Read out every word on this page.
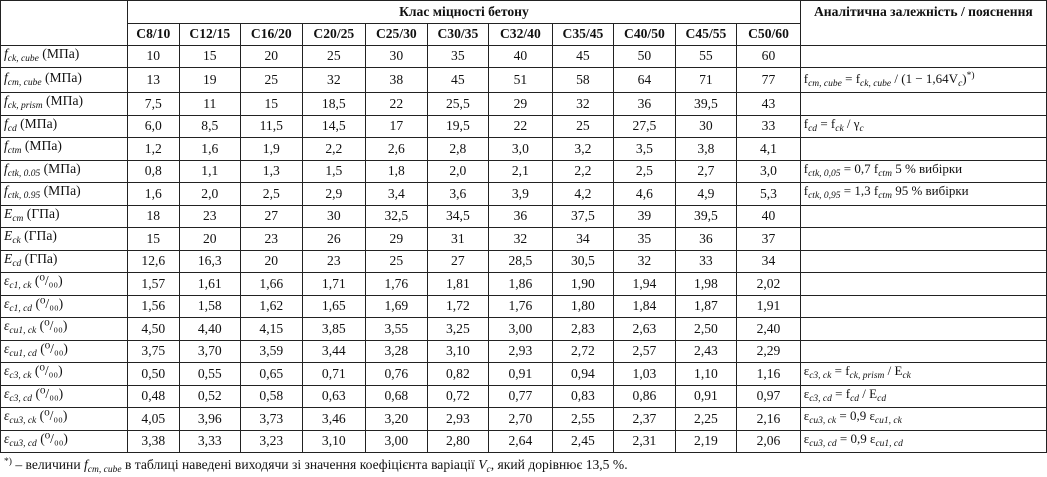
	Клас міцності бетону											Аналітична залежність / пояснення
	C8/10	C12/15	C16/20	C20/25	C25/30	C30/35	C32/40	C35/45	C40/50	C45/55	C50/60	
$f_{ck, cube}$ (МПа)	10	15	20	25	30	35	40	45	50	55	60	
$f_{cm, cube}$ (МПа)	13	19	25	32	38	45	51	58	64	71	77	$f_{cm, cube} = f_{ck, cube} / (1 - 1,64V_c)^{*)}$
$f_{ck, prism}$ (МПа)	7,5	11	15	18,5	22	25,5	29	32	36	39,5	43	
$f_{cd}$ (МПа)	6,0	8,5	11,5	14,5	17	19,5	22	25	27,5	30	33	$f_{cd} = f_{ck} / \gamma_c$
$f_{ctm}$ (МПа)	1,2	1,6	1,9	2,2	2,6	2,8	3,0	3,2	3,5	3,8	4,1	
$f_{ctk, 0.05}$ (МПа)	0,8	1,1	1,3	1,5	1,8	2,0	2,1	2,2	2,5	2,7	3,0	$f_{ctk, 0,05} = 0,7$ $f_{ctm}$ 5 % вибірки
$f_{ctk, 0.95}$ (МПа)	1,6	2,0	2,5	2,9	3,4	3,6	3,9	4,2	4,6	4,9	5,3	$f_{ctk, 0,95} = 1,3$ $f_{ctm}$ 95 % вибірки
$E_{cm}$ (ГПа)	18	23	27	30	32,5	34,5	36	37,5	39	39,5	40	
$E_{ck}$ (ГПа)	15	20	23	26	29	31	32	34	35	36	37	
$E_{cd}$ (ГПа)	12,6	16,3	20	23	25	27	28,5	30,5	32	33	34	
$\varepsilon_{c1, ck}$ (⁰/₀₀)	1,57	1,61	1,66	1,71	1,76	1,81	1,86	1,90	1,94	1,98	2,02	
$\varepsilon_{c1, cd}$ (⁰/₀₀)	1,56	1,58	1,62	1,65	1,69	1,72	1,76	1,80	1,84	1,87	1,91	
$\varepsilon_{cu1, ck}$ (⁰/₀₀)	4,50	4,40	4,15	3,85	3,55	3,25	3,00	2,83	2,63	2,50	2,40	
$\varepsilon_{cu1, cd}$ (⁰/₀₀)	3,75	3,70	3,59	3,44	3,28	3,10	2,93	2,72	2,57	2,43	2,29	
$\varepsilon_{c3, ck}$ (⁰/₀₀)	0,50	0,55	0,65	0,71	0,76	0,82	0,91	0,94	1,03	1,10	1,16	$\varepsilon_{c3, ck} = f_{ck, prism} / E_{ck}$
$\varepsilon_{c3, cd}$ (⁰/₀₀)	0,48	0,52	0,58	0,63	0,68	0,72	0,77	0,83	0,86	0,91	0,97	$\varepsilon_{c3, cd} = f_{cd} / E_{cd}$
$\varepsilon_{cu3, ck}$ (⁰/₀₀)	4,05	3,96	3,73	3,46	3,20	2,93	2,70	2,55	2,37	2,25	2,16	$\varepsilon_{cu3, ck} = 0,9$ $\varepsilon_{cu1, ck}$
$\varepsilon_{cu3, cd}$ (⁰/₀₀)	3,38	3,33	3,23	3,10	3,00	2,80	2,64	2,45	2,31	2,19	2,06	$\varepsilon_{cu3, cd} = 0,9$ $\varepsilon_{cu1, cd}$
*) – величини $f_{cm, cube}$ в таблиці наведені виходячи зі значення коефіцієнта варіації $V_c$, який дорівнює 13,5 %.
